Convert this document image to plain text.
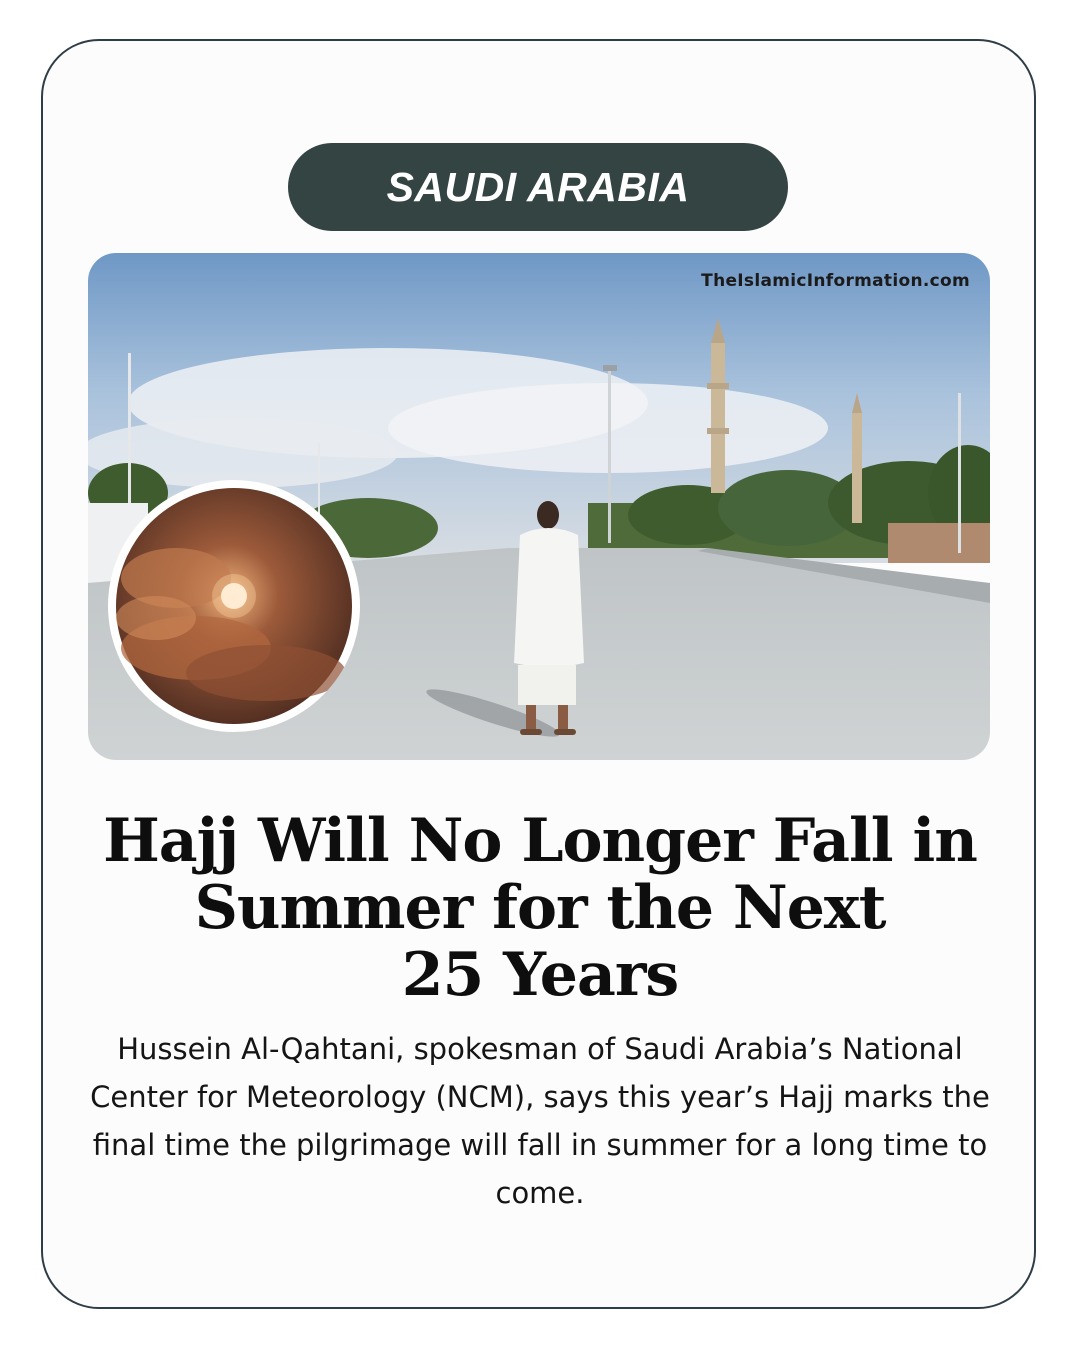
SAUDI ARABIA
TheIslamicInformation.com
Hajj Will No Longer Fall in
Summer for the Next
25 Years
Hussein Al-Qahtani, spokesman of Saudi Arabia’s National Center for Meteorology (NCM), says this year’s Hajj marks the final time the pilgrimage will fall in summer for a long time to come.
